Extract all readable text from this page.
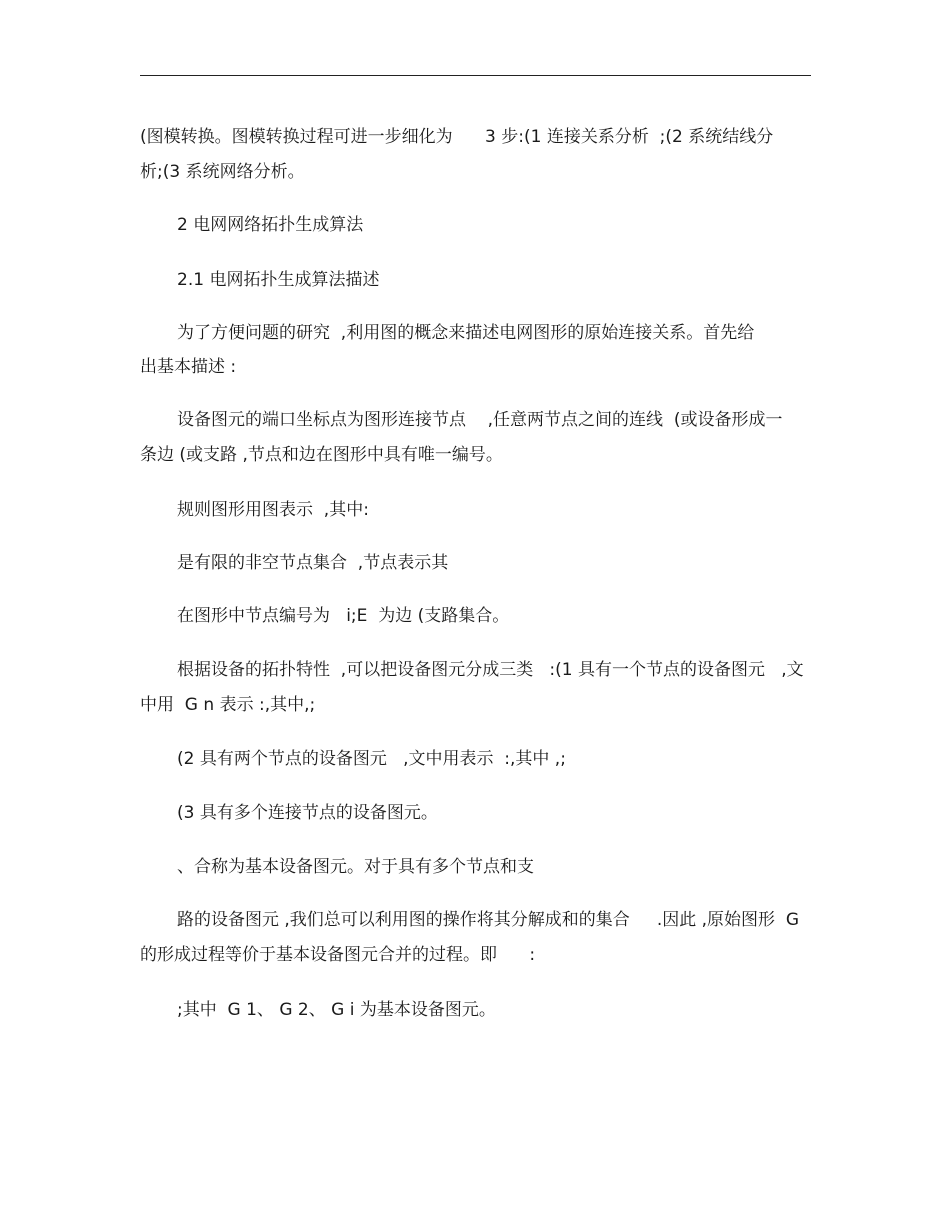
(图模转换。图模转换过程可进一步细化为      3 步:(1 连接关系分析  ;(2 系统结线分
析;(3 系统网络分析。
2 电网网络拓扑生成算法
2.1 电网拓扑生成算法描述
为了方便问题的研究  ,利用图的概念来描述电网图形的原始连接关系。首先给
出基本描述 :
设备图元的端口坐标点为图形连接节点    ,任意两节点之间的连线  (或设备形成一
条边 (或支路 ,节点和边在图形中具有唯一编号。
规则图形用图表示  ,其中:
是有限的非空节点集合  ,节点表示其
在图形中节点编号为   i;E  为边 (支路集合。
根据设备的拓扑特性  ,可以把设备图元分成三类   :(1 具有一个节点的设备图元   ,文
中用  G n 表示 :,其中,;
(2 具有两个节点的设备图元   ,文中用表示  :,其中 ,;
(3 具有多个连接节点的设备图元。
、合称为基本设备图元。对于具有多个节点和支
路的设备图元 ,我们总可以利用图的操作将其分解成和的集合     .因此 ,原始图形  G
的形成过程等价于基本设备图元合并的过程。即      :
;其中  G 1、 G 2、 G i 为基本设备图元。
